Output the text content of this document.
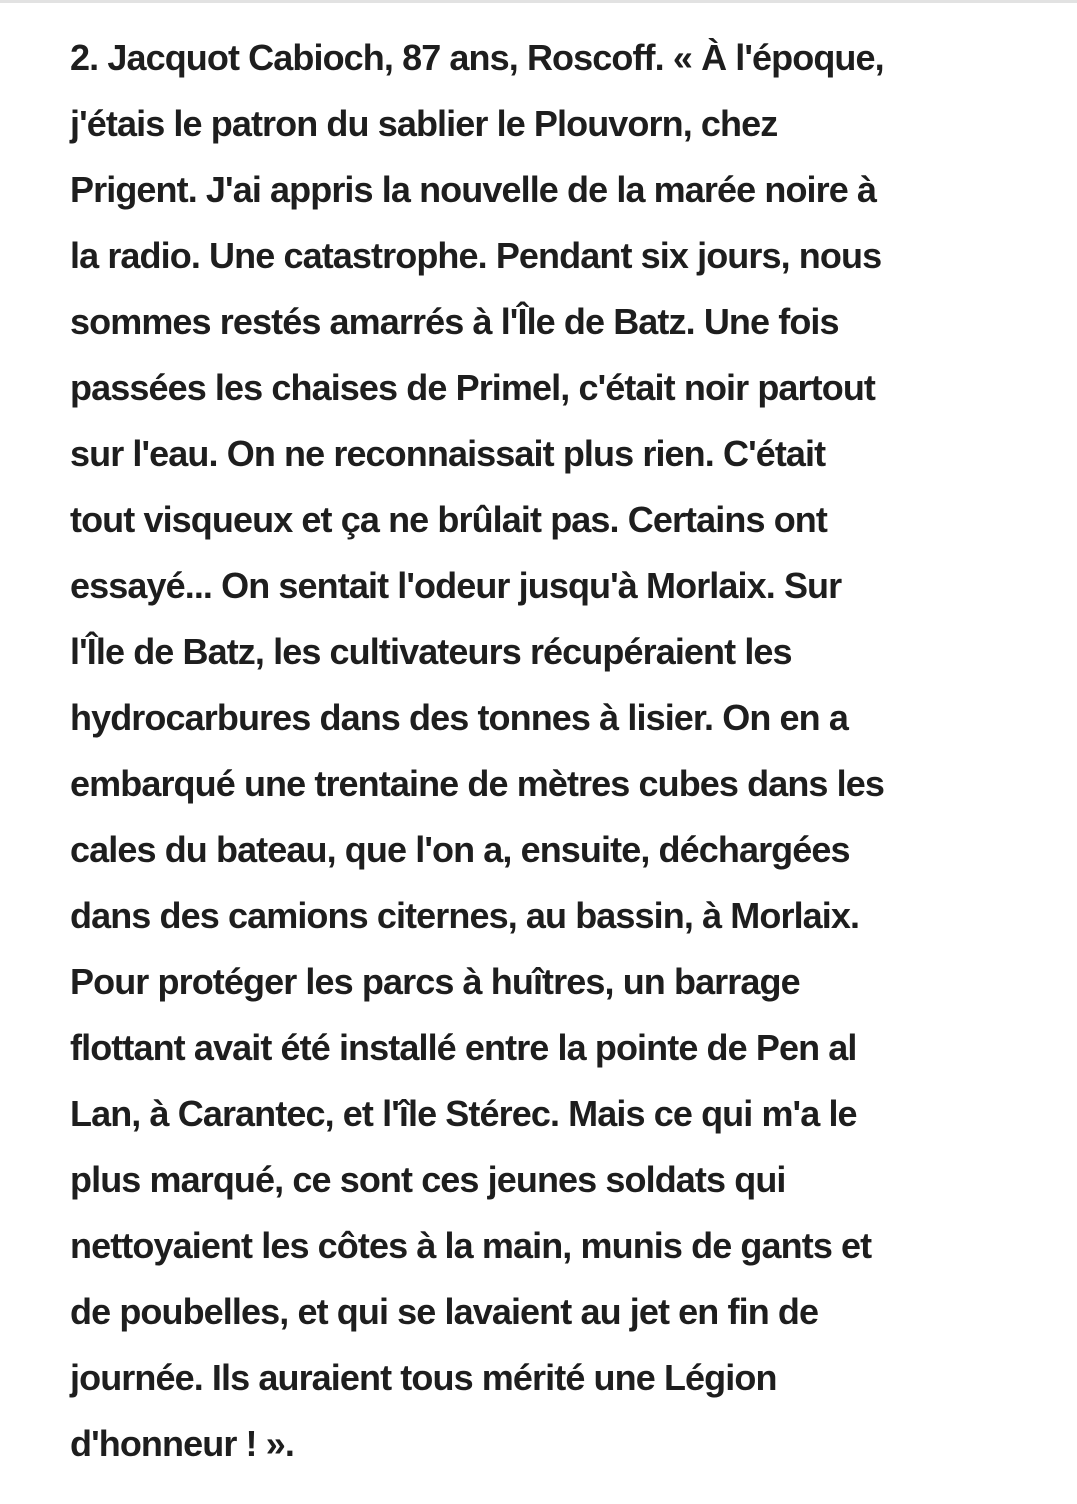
2. Jacquot Cabioch, 87 ans, Roscoff. « À l'époque,
j'étais le patron du sablier le Plouvorn, chez
Prigent. J'ai appris la nouvelle de la marée noire à
la radio. Une catastrophe. Pendant six jours, nous
sommes restés amarrés à l'Île de Batz. Une fois
passées les chaises de Primel, c'était noir partout
sur l'eau. On ne reconnaissait plus rien. C'était
tout visqueux et ça ne brûlait pas. Certains ont
essayé... On sentait l'odeur jusqu'à Morlaix. Sur
l'Île de Batz, les cultivateurs récupéraient les
hydrocarbures dans des tonnes à lisier. On en a
embarqué une trentaine de mètres cubes dans les
cales du bateau, que l'on a, ensuite, déchargées
dans des camions citernes, au bassin, à Morlaix.
Pour protéger les parcs à huîtres, un barrage
flottant avait été installé entre la pointe de Pen al
Lan, à Carantec, et l'île Stérec. Mais ce qui m'a le
plus marqué, ce sont ces jeunes soldats qui
nettoyaient les côtes à la main, munis de gants et
de poubelles, et qui se lavaient au jet en fin de
journée. Ils auraient tous mérité une Légion
d'honneur ! ».
